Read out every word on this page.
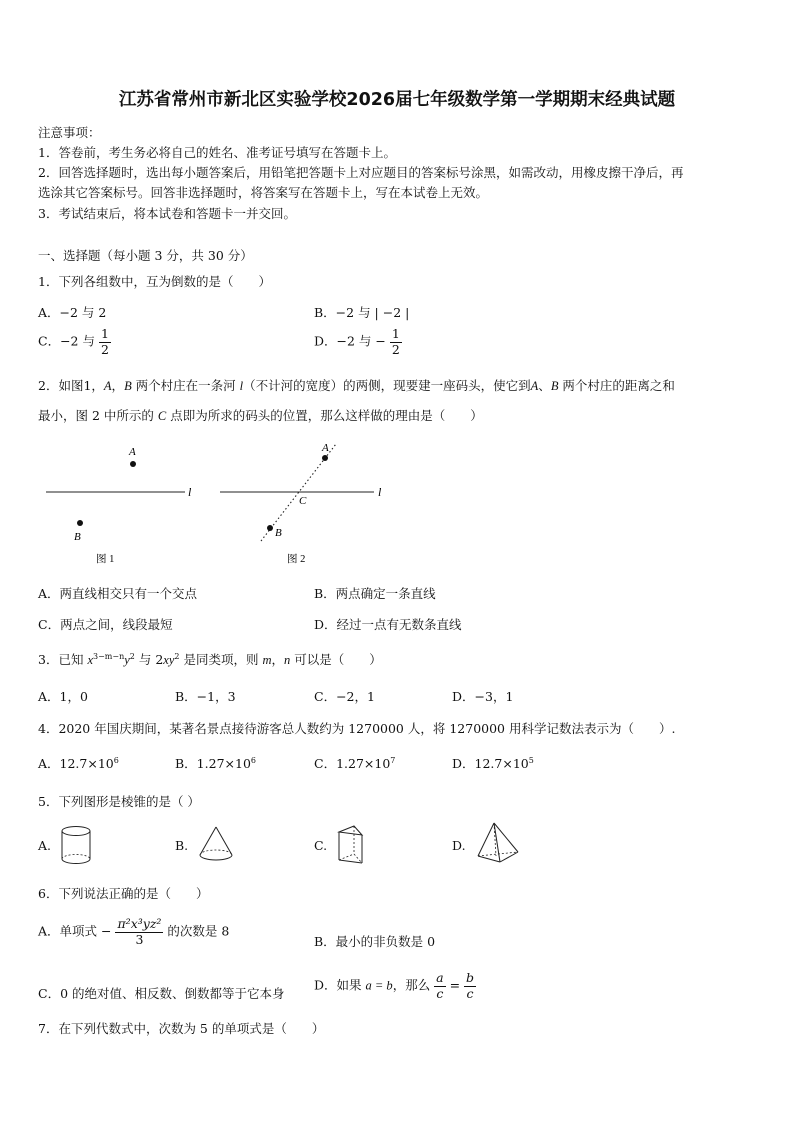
江苏省常州市新北区实验学校2026届七年级数学第一学期期末经典试题
注意事项：
1．答卷前，考生务必将自己的姓名、准考证号填写在答题卡上。
2．回答选择题时，选出每小题答案后，用铅笔把答题卡上对应题目的答案标号涂黑，如需改动，用橡皮擦干净后，再
选涂其它答案标号。回答非选择题时，将答案写在答题卡上，写在本试卷上无效。
3．考试结束后，将本试卷和答题卡一并交回。
一、选择题（每小题 3 分，共 30 分）
1．下列各组数中，互为倒数的是（　　）
A．−2 与 2	B．−2 与 | −2 |
C．−2 与 $\frac{1}{2}$	D．−2 与 − $\frac{1}{2}$
2．如图1，A，B 两个村庄在一条河 l（不计河的宽度）的两侧，现要建一座码头，使它到A、B 两个村庄的距离之和
最小，图 2 中所示的 C 点即为所求的码头的位置，那么这样做的理由是（　　）
A
l
B
图 1
A
C
l
B
图 2
A．两直线相交只有一个交点	B．两点确定一条直线
C．两点之间，线段最短	D．经过一点有无数条直线
3．已知 $x^{3-m-n}y^2$ 与 $2xy^2$ 是同类项，则 m，n 可以是（　　）
A．1，0	B．−1，3	C．−2，1	D．−3，1
4．2020 年国庆期间，某著名景点接待游客总人数约为 1270000 人，将 1270000 用科学记数法表示为（　　）.
A．$12.7\times 10^6$	B．$1.27\times 10^6$	C．$1.27\times 10^7$	D．$12.7\times 10^5$
5．下列图形是棱锥的是（ ）
A.	B.	C.	D.
6．下列说法正确的是（　　）
A．单项式 − $\frac{\text{π²x³yz²}}{3}$ 的次数是 8
B．最小的非负数是 0
C．0 的绝对值、相反数、倒数都等于它本身
D．如果 a = b，那么 $\frac{a}{c} = \frac{b}{c}$
7．在下列代数式中，次数为 5 的单项式是（　　）
